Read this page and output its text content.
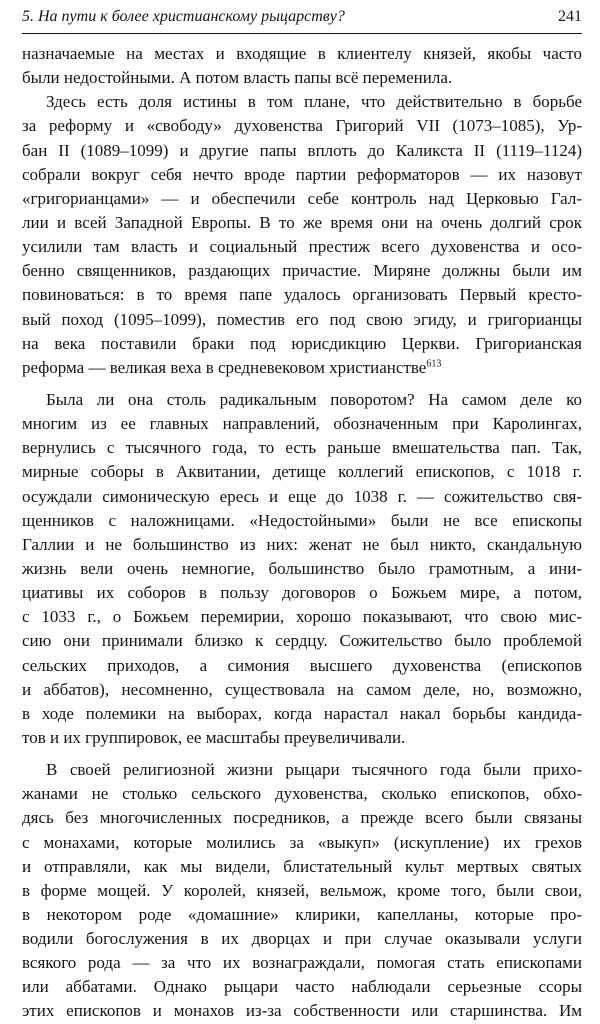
5. На пути к более христианскому рыцарству?	241
назначаемые на местах и входящие в клиентелу князей, якобы часто
были недостойными. А потом власть папы всё переменила.
Здесь есть доля истины в том плане, что действительно в борьбе
за реформу и «свободу» духовенства Григорий VII (1073–1085), Ур-
бан II (1089–1099) и другие папы вплоть до Каликста II (1119–1124)
собрали вокруг себя нечто вроде партии реформаторов — их назовут
«григорианцами» — и обеспечили себе контроль над Церковью Гал-
лии и всей Западной Европы. В то же время они на очень долгий срок
усилили там власть и социальный престиж всего духовенства и осо-
бенно священников, раздающих причастие. Миряне должны были им
повиноваться: в то время папе удалось организовать Первый кресто-
вый поход (1095–1099), поместив его под свою эгиду, и григорианцы
на века поставили браки под юрисдикцию Церкви. Григорианская
реформа — великая веха в средневековом христианстве$^{613}$
Была ли она столь радикальным поворотом? На самом деле ко
многим из ее главных направлений, обозначенным при Каролингах,
вернулись с тысячного года, то есть раньше вмешательства пап. Так,
мирные соборы в Аквитании, детище коллегий епископов, с 1018 г.
осуждали симоническую ересь и еще до 1038 г. — сожительство свя-
щенников с наложницами. «Недостойными» были не все епископы
Галлии и не большинство из них: женат не был никто, скандальную
жизнь вели очень немногие, большинство было грамотным, а ини-
циативы их соборов в пользу договоров о Божьем мире, а потом,
с 1033 г., о Божьем перемирии, хорошо показывают, что свою мис-
сию они принимали близко к сердцу. Сожительство было проблемой
сельских приходов, а симония высшего духовенства (епископов
и аббатов), несомненно, существовала на самом деле, но, возможно,
в ходе полемики на выборах, когда нарастал накал борьбы кандида-
тов и их группировок, ее масштабы преувеличивали.
В своей религиозной жизни рыцари тысячного года были прихо-
жанами не столько сельского духовенства, сколько епископов, обхо-
дясь без многочисленных посредников, а прежде всего были связаны
с монахами, которые молились за «выкуп» (искупление) их грехов
и отправляли, как мы видели, блистательный культ мертвых святых
в форме мощей. У королей, князей, вельмож, кроме того, были свои,
в некотором роде «домашние» клирики, капелланы, которые про-
водили богослужения в их дворцах и при случае оказывали услуги
всякого рода — за что их вознаграждали, помогая стать епископами
или аббатами. Однако рыцари часто наблюдали серьезные ссоры
этих епископов и монахов из-за собственности или старшинства. Им
